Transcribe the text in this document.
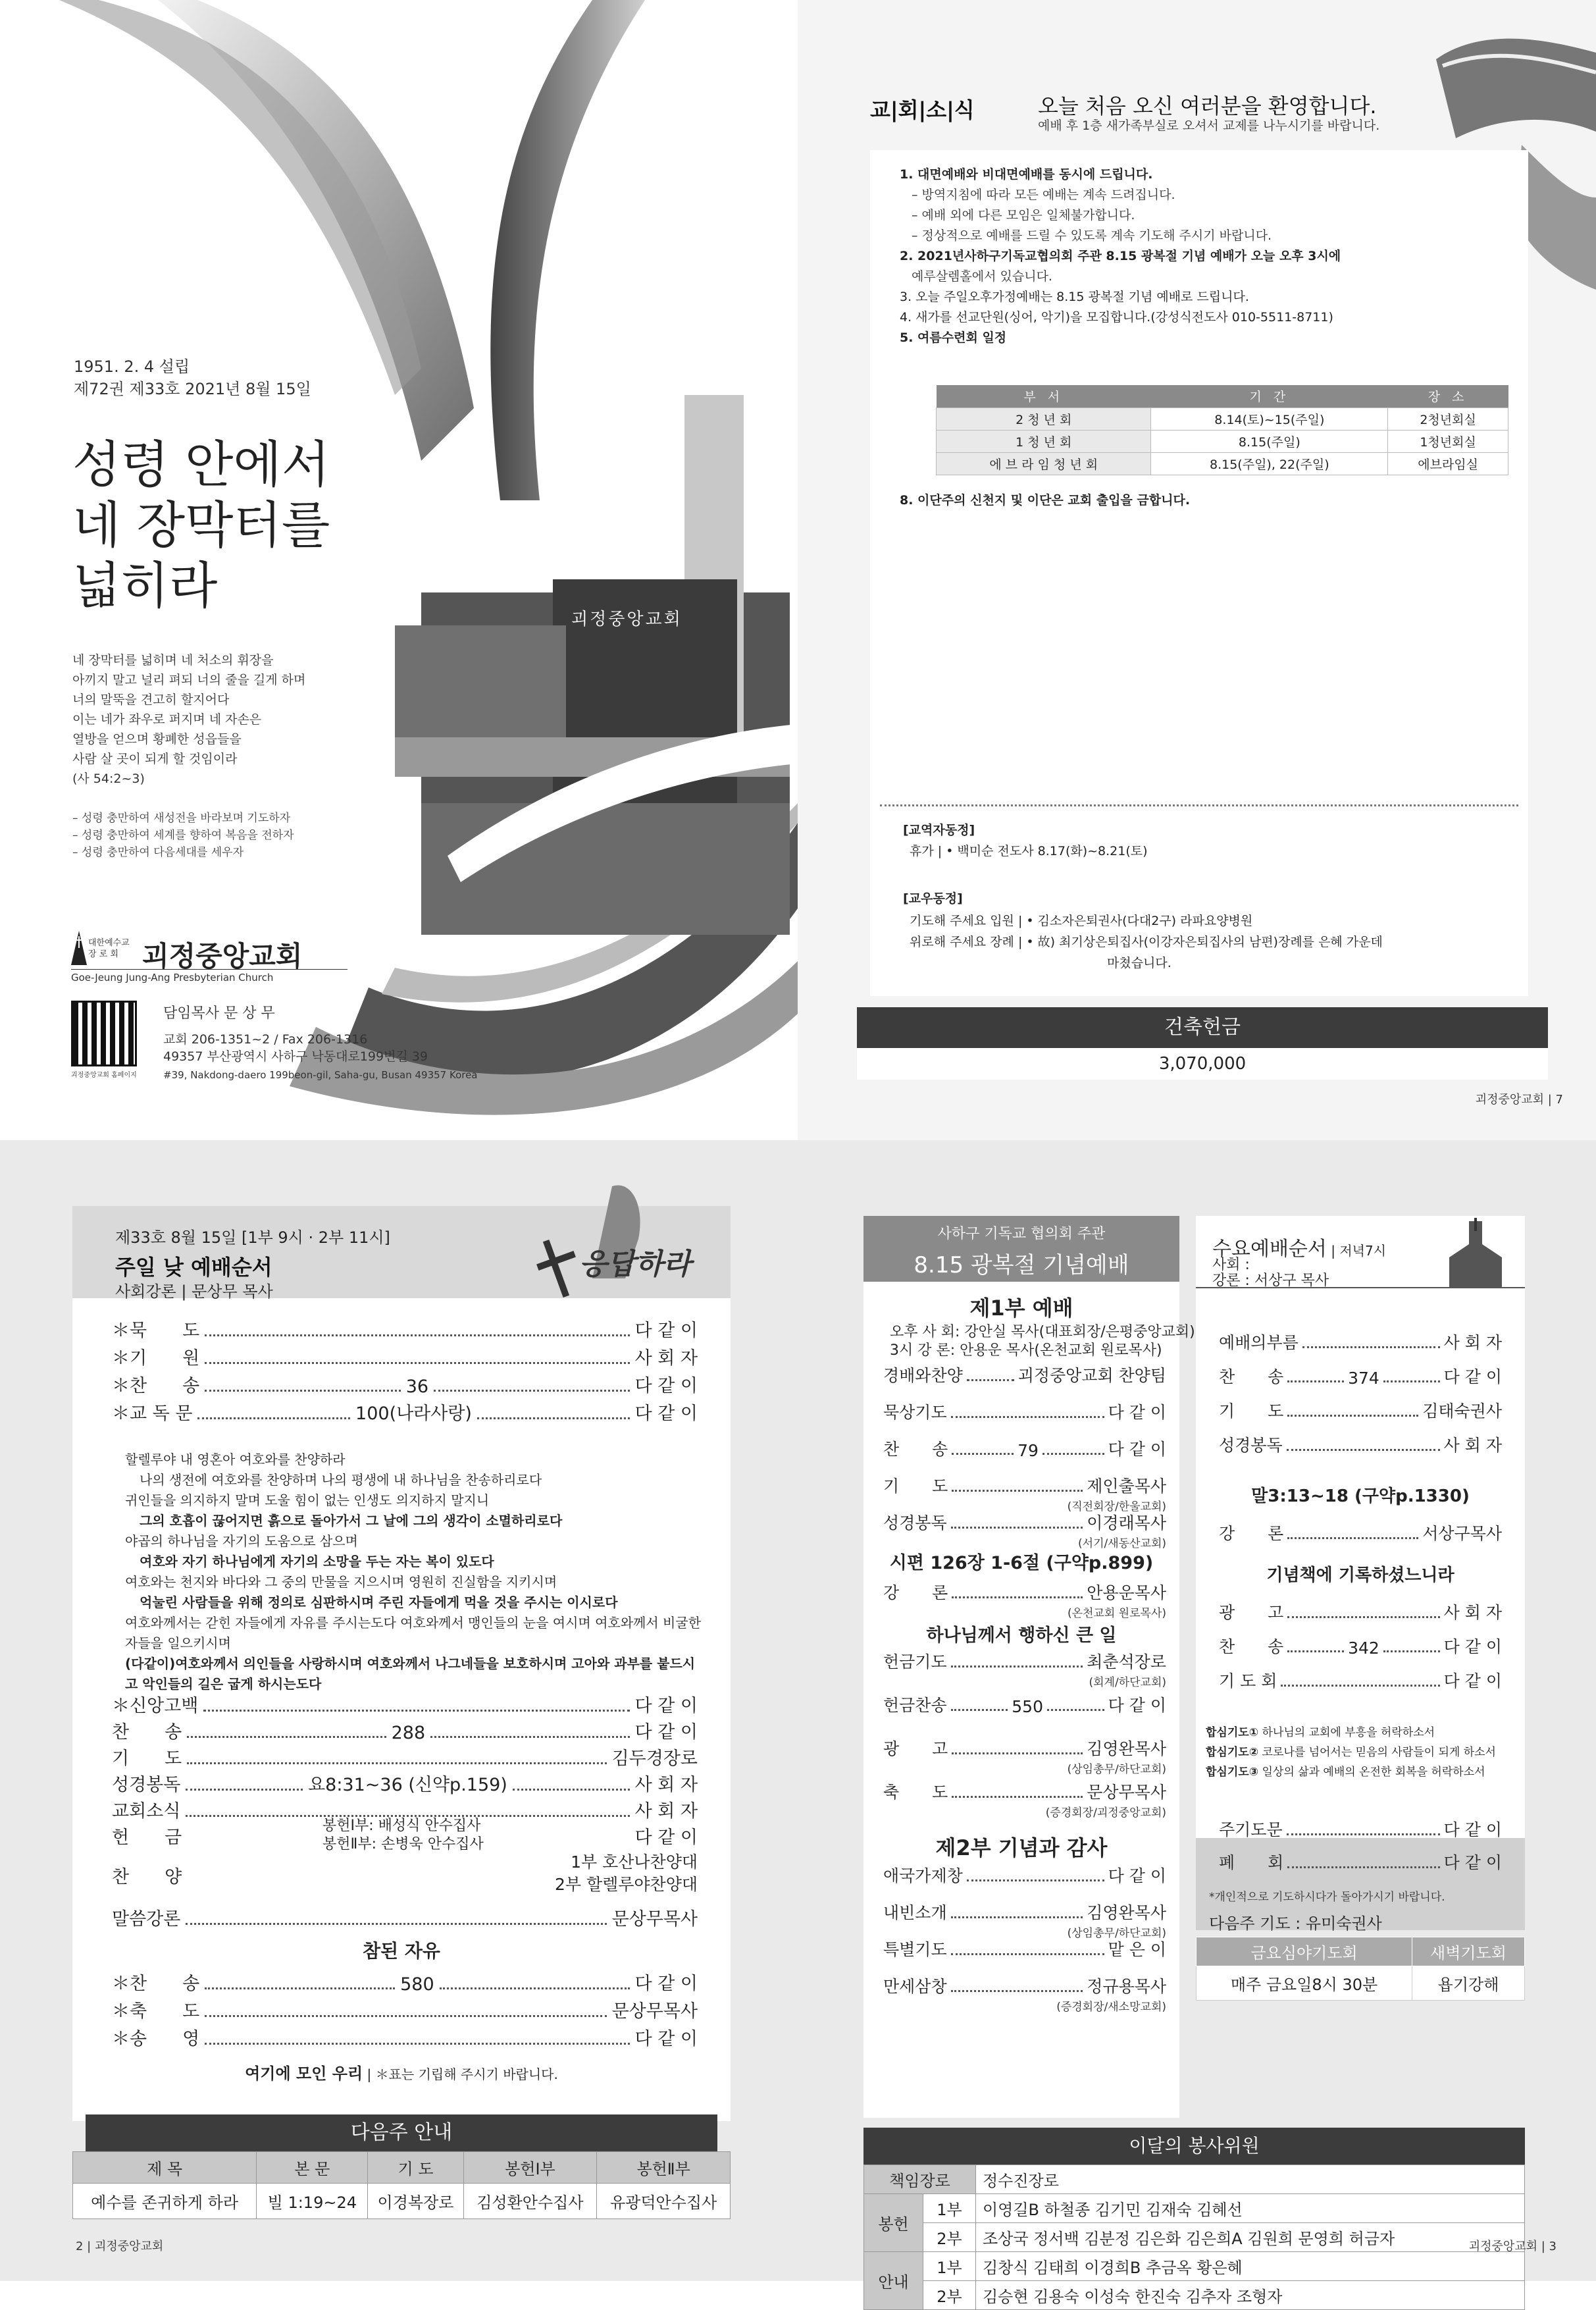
괴정중앙교회
1951. 2. 4 설립
제72권 제33호 2021년 8월 15일
성령 안에서
네 장막터를
넓히라
네 장막터를 넓히며 네 처소의 휘장을
아끼지 말고 널리 펴되 너의 줄을 길게 하며
너의 말뚝을 견고히 할지어다
이는 네가 좌우로 퍼지며 네 자손은
열방을 얻으며 황폐한 성읍들을
사람 살 곳이 되게 할 것임이라
(사 54:2~3)
– 성령 충만하여 새성전을 바라보며 기도하자
– 성령 충만하여 세계를 향하여 복음을 전하자
– 성령 충만하여 다음세대를 세우자
대한예수교
장 로 회 괴정중앙교회
Goe-Jeung Jung-Ang Presbyterian Church
괴정중앙교회 홈페이지
담임목사 문 상 무
교회 206-1351~2 / Fax 206-1316
49357 부산광역시 사하구 낙동대로199번길 39
#39, Nakdong-daero 199beon-gil, Saha-gu, Busan 49357 Korea
교|회|소|식	오늘 처음 오신 여러분을 환영합니다.
예배 후 1층 새가족부실로 오셔서 교제를 나누시기를 바랍니다.
1. 대면예배와 비대면예배를 동시에 드립니다.
– 방역지침에 따라 모든 예배는 계속 드려집니다.
– 예배 외에 다른 모임은 일체불가합니다.
– 정상적으로 예배를 드릴 수 있도록 계속 기도해 주시기 바랍니다.
2. 2021년사하구기독교협의회 주관 8.15 광복절 기념 예배가 오늘 오후 3시에
예루살렘홀에서 있습니다.
3. 오늘 주일오후가정예배는 8.15 광복절 기념 예배로 드립니다.
4. 새가를 선교단원(싱어, 악기)을 모집합니다.(강성식전도사 010-5511-8711)
5. 여름수련회 일정
부 서	기 간	장 소
2 청 년 회	8.14(토)~15(주일)	2청년회실
1 청 년 회	8.15(주일)	1청년회실
에 브 라 임 청 년 회	8.15(주일), 22(주일)	에브라임실
8. 이단주의 신천지 및 이단은 교회 출입을 금합니다.
[교역자동정]
휴가 | • 백미순 전도사 8.17(화)~8.21(토)
[교우동정]
기도해 주세요 입원 | • 김소자은퇴권사(다대2구) 라파요양병원
위로해 주세요 장례 | • 故) 최기상은퇴집사(이강자은퇴집사의 남편)장례를 은혜 가운데
마쳤습니다.
건축헌금
3,070,000
괴정중앙교회 | 7
응답하라
제33호 8월 15일 [1부 9시 · 2부 11시]
주일 낮 예배순서
사회강론 | 문상무 목사
＊묵　　도	다 같 이
＊기　　원	사 회 자
＊찬　　송	36	다 같 이
＊교 독 문	100(나라사랑)	다 같 이
할렐루야 내 영혼아 여호와를 찬양하라
나의 생전에 여호와를 찬양하며 나의 평생에 내 하나님을 찬송하리로다
귀인들을 의지하지 말며 도울 힘이 없는 인생도 의지하지 말지니
그의 호흡이 끊어지면 흙으로 돌아가서 그 날에 그의 생각이 소멸하리로다
야곱의 하나님을 자기의 도움으로 삼으며
여호와 자기 하나님에게 자기의 소망을 두는 자는 복이 있도다
여호와는 천지와 바다와 그 중의 만물을 지으시며 영원히 진실함을 지키시며
억눌린 사람들을 위해 정의로 심판하시며 주린 자들에게 먹을 것을 주시는 이시로다
여호와께서는 갇힌 자들에게 자유를 주시는도다 여호와께서 맹인들의 눈을 여시며 여호와께서 비굴한
자들을 일으키시며
(다같이)여호와께서 의인들을 사랑하시며 여호와께서 나그네들을 보호하시며 고아와 과부를 붙드시
고 악인들의 길은 굽게 하시는도다
＊신앙고백	다 같 이
찬　　송	288	다 같 이
기　　도	김두경장로
성경봉독	요8:31~36 (신약p.159)	사 회 자
교회소식	사 회 자
헌　　금	다 같 이
봉헌Ⅰ부: 배성식 안수집사
봉헌Ⅱ부: 손병욱 안수집사
찬　　양
1부 호산나찬양대
2부 할렐루야찬양대
말씀강론	문상무목사
참된 자유
＊찬　　송	580	다 같 이
＊축　　도	문상무목사
＊송　　영	다 같 이
여기에 모인 우리 | ＊표는 기립해 주시기 바랍니다.
다음주 안내
제 목	본 문	기 도	봉헌Ⅰ부	봉헌Ⅱ부
예수를 존귀하게 하라	빌 1:19~24	이경복장로	김성환안수집사	유광덕안수집사
2 | 괴정중앙교회
사하구 기독교 협의회 주관
8.15 광복절 기념예배
제1부 예배
오후 사 회: 강안실 목사(대표회장/은평중앙교회)
3시 강 론: 안용운 목사(온천교회 원로목사)
경배와찬양	괴정중앙교회 찬양팀
묵상기도	다 같 이
찬　　송	79	다 같 이
기　　도	제인출목사
(직전회장/한울교회)
성경봉독	이경래목사
(서기/새동산교회)
시편 126장 1-6절 (구약p.899)
강　　론	안용운목사
(온천교회 원로목사)
하나님께서 행하신 큰 일
헌금기도	최춘석장로
(회계/하단교회)
헌금찬송	550	다 같 이
광　　고	김영완목사
(상임총무/하단교회)
축　　도	문상무목사
(증경회장/괴정중앙교회)
제2부 기념과 감사
애국가제창	다 같 이
내빈소개	김영완목사
(상임총무/하단교회)
특별기도	맡 은 이
만세삼창	정규용목사
(증경회장/새소망교회)
수요예배순서 | 저녁7시
사회 :
강론 : 서상구 목사
예배의부름	사 회 자
찬　　송	374	다 같 이
기　　도	김태숙권사
성경봉독	사 회 자
말3:13~18 (구약p.1330)
강　　론	서상구목사
기념책에 기록하셨느니라
광　　고	사 회 자
찬　　송	342	다 같 이
기 도 회	다 같 이
합심기도① 하나님의 교회에 부흥을 허락하소서
합심기도② 코로나를 넘어서는 믿음의 사람들이 되게 하소서
합심기도③ 일상의 삶과 예배의 온전한 회복을 허락하소서
주기도문	다 같 이
폐　　회	다 같 이
*개인적으로 기도하시다가 돌아가시기 바랍니다.
다음주 기도 : 유미숙권사
금요심야기도회	새벽기도회
매주 금요일8시 30분	욥기강해
이달의 봉사위원
책임장로		정수진장로
봉헌	1부	이영길B 하철종 김기민 김재숙 김혜선
	2부	조상국 정서백 김분정 김은화 김은희A 김원희 문영희 허금자
안내	1부	김창식 김태희 이경희B 추금옥 황은혜
	2부	김승현 김용숙 이성숙 한진숙 김추자 조형자
괴정중앙교회 | 3
